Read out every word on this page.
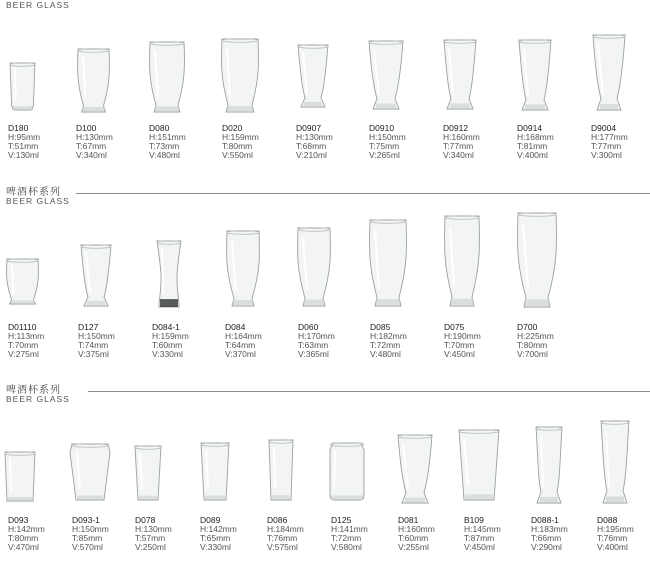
BEER GLASS
啤酒杯系列
BEER GLASS
啤酒杯系列
BEER GLASS
D180
H:95mm
T:51mm
V:130ml
D100
H:130mm
T:67mm
V:340ml
D080
H:151mm
T:73mm
V:480ml
D020
H:159mm
T:80mm
V:550ml
D0907
H:130mm
T:68mm
V:210ml
D0910
H:150mm
T:75mm
V:265ml
D0912
H:160mm
T:77mm
V:340ml
D0914
H:168mm
T:81mm
V:400ml
D9004
H:177mm
T:77mm
V:300ml
D01110
H:113mm
T:70mm
V:275ml
D127
H:150mm
T:74mm
V:375ml
D084-1
H:159mm
T:60mm
V:330ml
D084
H:164mm
T:64mm
V:370ml
D060
H:170mm
T:63mm
V:365ml
D085
H:182mm
T:72mm
V:480ml
D075
H:190mm
T:70mm
V:450ml
D700
H:225mm
T:80mm
V:700ml
D093
H:142mm
T:80mm
V:470ml
D093-1
H:150mm
T:85mm
V:570ml
D078
H:130mm
T:57mm
V:250ml
D089
H:142mm
T:65mm
V:330ml
D086
H:184mm
T:76mm
V:575ml
D125
H:141mm
T:72mm
V:580ml
D081
H:160mm
T:60mm
V:255ml
B109
H:145mm
T:87mm
V:450ml
D088-1
H:183mm
T:66mm
V:290ml
D088
H:195mm
T:76mm
V:400ml
